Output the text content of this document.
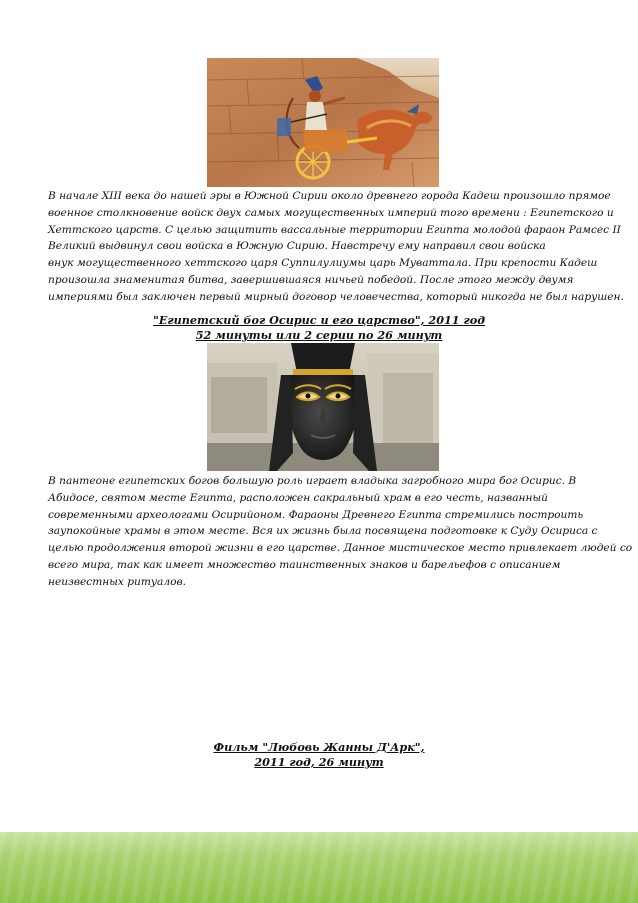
В начале XIII века до нашей эры в Южной Сирии около древнего города Кадеш произошло прямое
военное столкновение войск двух самых могущественных империй того времени : Египетского и
Хеттского царств. С целью защитить вассальные территории Египта молодой фараон Рамсес II
Великий выдвинул свои войска в Южную Сирию. Навстречу ему направил свои войска
внук могущественного хеттского царя Суппилулиумы царь Муваттала. При крепости Кадеш
произошла знаменитая битва, завершившаяся ничьей победой. После этого между двумя
империями был заключен первый мирный договор человечества, который никогда не был нарушен.

"Египетский бог Осирис и его царство", 2011 год
52 минуты или 2 серии по 26 минут

В пантеоне египетских богов большую роль играет владыка загробного мира бог Осирис. В
Абидосе, святом месте Египта, расположен сакральный храм в его честь, названный
современными археологами Осирийоном. Фараоны Древнего Египта стремились построить
заупокойные храмы в этом месте. Вся их жизнь была посвящена подготовке к Суду Осириса с
целью продолжения второй жизни в его царстве. Данное мистическое место привлекает людей со
всего мира, так как имеет множество таинственных знаков и барельефов с описанием
неизвестных ритуалов.

Фильм "Любовь Жанны Д'Арк",
2011 год, 26 минут
